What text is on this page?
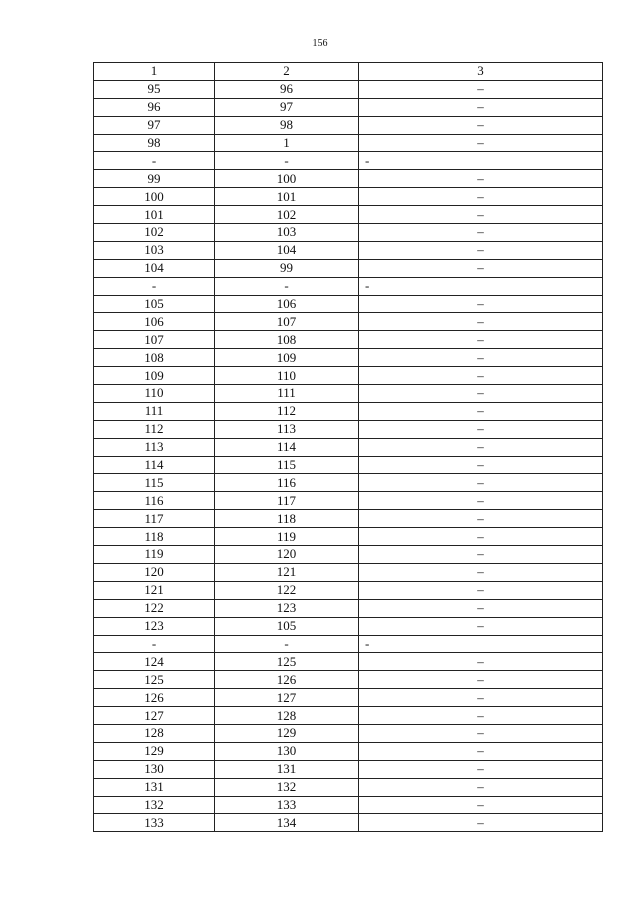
156
1	2	3
95	96	–
96	97	–
97	98	–
98	1	–
-	-	-
99	100	–
100	101	–
101	102	–
102	103	–
103	104	–
104	99	–
-	-	-
105	106	–
106	107	–
107	108	–
108	109	–
109	110	–
110	111	–
111	112	–
112	113	–
113	114	–
114	115	–
115	116	–
116	117	–
117	118	–
118	119	–
119	120	–
120	121	–
121	122	–
122	123	–
123	105	–
-	-	-
124	125	–
125	126	–
126	127	–
127	128	–
128	129	–
129	130	–
130	131	–
131	132	–
132	133	–
133	134	–
